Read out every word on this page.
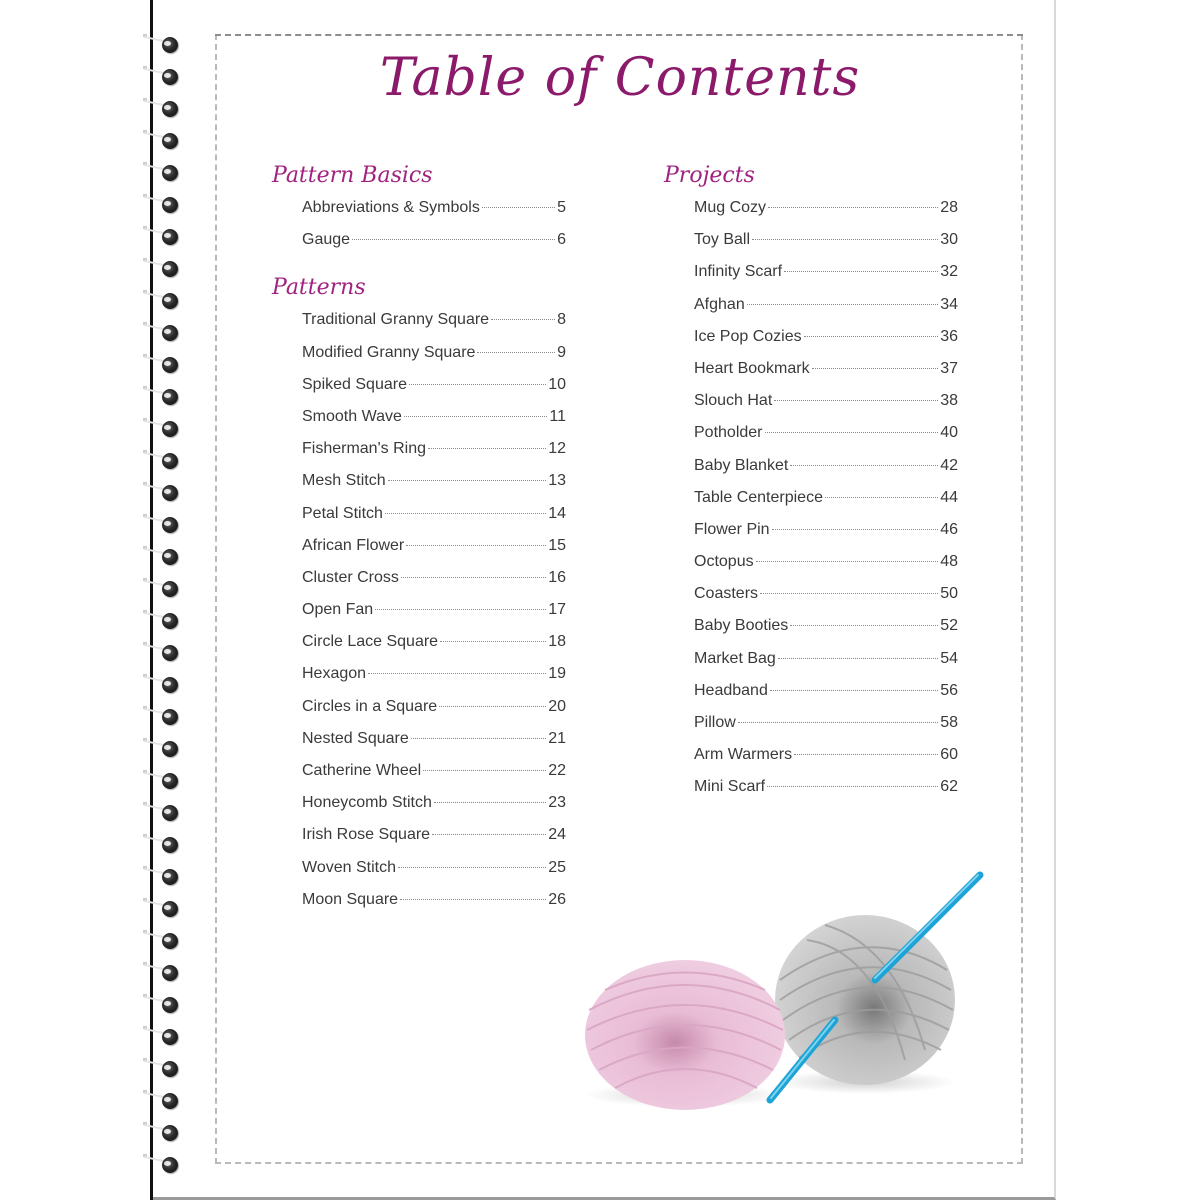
Table of Contents
Pattern Basics
Abbreviations & Symbols	5
Gauge	6
Patterns
Traditional Granny Square	8
Modified Granny Square	9
Spiked Square	10
Smooth Wave	11
Fisherman's Ring	12
Mesh Stitch	13
Petal Stitch	14
African Flower	15
Cluster Cross	16
Open Fan	17
Circle Lace Square	18
Hexagon	19
Circles in a Square	20
Nested Square	21
Catherine Wheel	22
Honeycomb Stitch	23
Irish Rose Square	24
Woven Stitch	25
Moon Square	26
Projects
Mug Cozy	28
Toy Ball	30
Infinity Scarf	32
Afghan	34
Ice Pop Cozies	36
Heart Bookmark	37
Slouch Hat	38
Potholder	40
Baby Blanket	42
Table Centerpiece	44
Flower Pin	46
Octopus	48
Coasters	50
Baby Booties	52
Market Bag	54
Headband	56
Pillow	58
Arm Warmers	60
Mini Scarf	62
